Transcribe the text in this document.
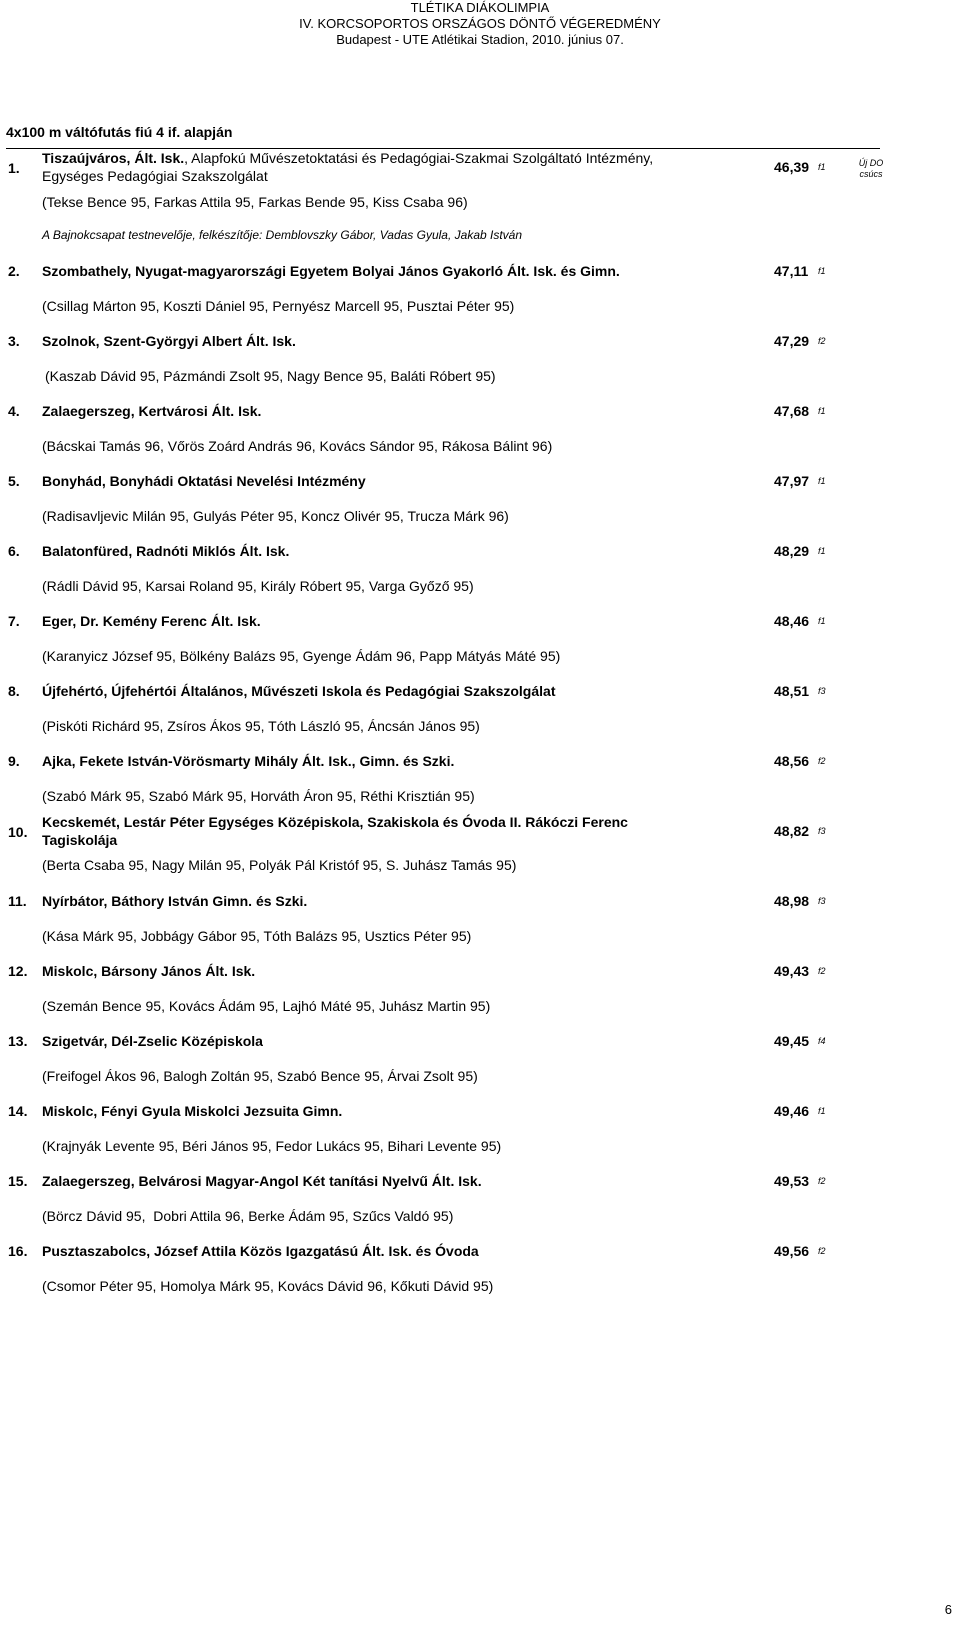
TLÉTIKA DIÁKOLIMPIA
IV. KORCSOPORTOS ORSZÁGOS DÖNTŐ VÉGEREDMÉNY
Budapest - UTE Atlétikai Stadion, 2010. június 07.
4x100 m váltófutás fiú 4 if. alapján
1.
Tiszaújváros, Ált. Isk., Alapfokú Művészetoktatási és Pedagógiai-Szakmai Szolgáltató Intézmény,
Egységes Pedagógiai Szakszolgálat
46,39 f1	Új DO
csúcs
(Tekse Bence 95, Farkas Attila 95, Farkas Bende 95, Kiss Csaba 96)
A Bajnokcsapat testnevelője, felkészítője: Demblovszky Gábor, Vadas Gyula, Jakab István
2. Szombathely, Nyugat-magyarországi Egyetem Bolyai János Gyakorló Ált. Isk. és Gimn.	47,11 f1
(Csillag Márton 95, Koszti Dániel 95, Pernyész Marcell 95, Pusztai Péter 95)
3. Szolnok, Szent-Györgyi Albert Ált. Isk.	47,29 f2
(Kaszab Dávid 95, Pázmándi Zsolt 95, Nagy Bence 95, Baláti Róbert 95)
4. Zalaegerszeg, Kertvárosi Ált. Isk.	47,68 f1
(Bácskai Tamás 96, Vőrös Zoárd András 96, Kovács Sándor 95, Rákosa Bálint 96)
5. Bonyhád, Bonyhádi Oktatási Nevelési Intézmény	47,97 f1
(Radisavljevic Milán 95, Gulyás Péter 95, Koncz Olivér 95, Trucza Márk 96)
6. Balatonfüred, Radnóti Miklós Ált. Isk.	48,29 f1
(Rádli Dávid 95, Karsai Roland 95, Király Róbert 95, Varga Győző 95)
7. Eger, Dr. Kemény Ferenc Ált. Isk.	48,46 f1
(Karanyicz József 95, Bölkény Balázs 95, Gyenge Ádám 96, Papp Mátyás Máté 95)
8. Újfehértó, Újfehértói Általános, Művészeti Iskola és Pedagógiai Szakszolgálat	48,51 f3
(Piskóti Richárd 95, Zsíros Ákos 95, Tóth László 95, Áncsán János 95)
9. Ajka, Fekete István-Vörösmarty Mihály Ált. Isk., Gimn. és Szki.	48,56 f2
(Szabó Márk 95, Szabó Márk 95, Horváth Áron 95, Réthi Krisztián 95)
10.
Kecskemét, Lestár Péter Egységes Középiskola, Szakiskola és Óvoda II. Rákóczi Ferenc
Tagiskolája
48,82 f3
(Berta Csaba 95, Nagy Milán 95, Polyák Pál Kristóf 95, S. Juhász Tamás 95)
11. Nyírbátor, Báthory István Gimn. és Szki.	48,98 f3
(Kása Márk 95, Jobbágy Gábor 95, Tóth Balázs 95, Usztics Péter 95)
12. Miskolc, Bársony János Ált. Isk.	49,43 f2
(Szemán Bence 95, Kovács Ádám 95, Lajhó Máté 95, Juhász Martin 95)
13. Szigetvár, Dél-Zselic Középiskola	49,45 f4
(Freifogel Ákos 96, Balogh Zoltán 95, Szabó Bence 95, Árvai Zsolt 95)
14. Miskolc, Fényi Gyula Miskolci Jezsuita Gimn.	49,46 f1
(Krajnyák Levente 95, Béri János 95, Fedor Lukács 95, Bihari Levente 95)
15. Zalaegerszeg, Belvárosi Magyar-Angol Két tanítási Nyelvű Ált. Isk.	49,53 f2
(Börcz Dávid 95,  Dobri Attila 96, Berke Ádám 95, Szűcs Valdó 95)
16. Pusztaszabolcs, József Attila Közös Igazgatású Ált. Isk. és Óvoda	49,56 f2
(Csomor Péter 95, Homolya Márk 95, Kovács Dávid 96, Kőkuti Dávid 95)
6
